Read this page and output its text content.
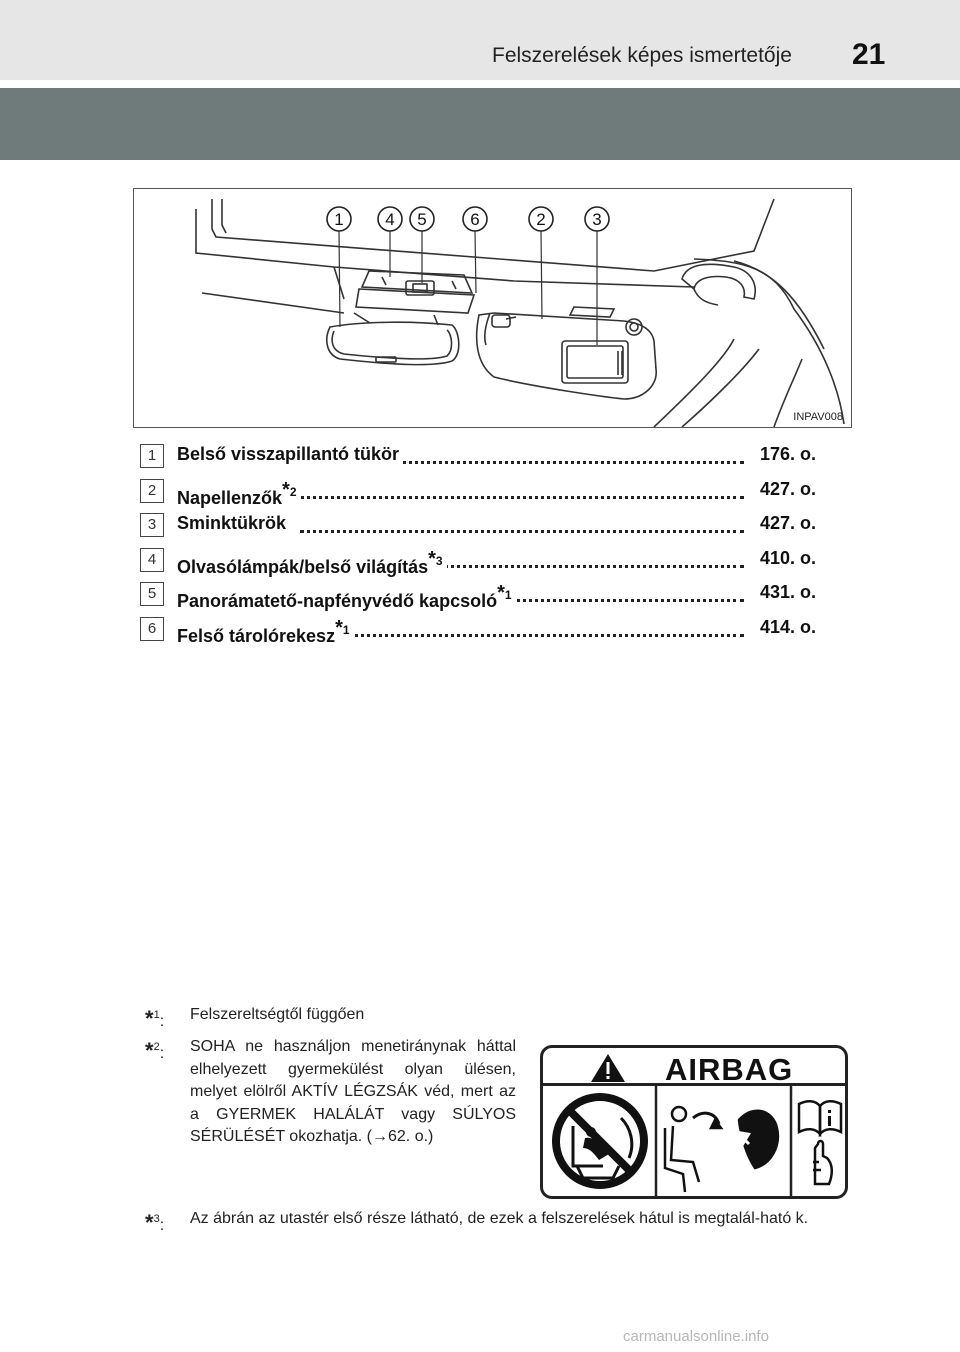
Felszerelések képes ismertetője 21
1 4 5	6	2	3
INPAV008
1	Belső visszapillantó tükör	176. o.
2	Napellenzők$^{*2}$	427. o.
3	Sminktükrök	427. o.
4	Olvasólámpák/belső világítás$^{*3}$	410. o.
5	Panorámatető-napfényvédő kapcsoló$^{*1}$	431. o.
6	Felső tárolórekesz$^{*1}$	414. o.
*$^1$: Felszereltségtől függően
*$^2$: SOHA ne használjon menetiránynak háttal elhelyezett gyermekülést olyan ülésen, melyet elölről AKTÍV LÉGZSÁK véd, mert az a GYERMEK HALÁLÁT vagy SÚLYOS SÉRÜLÉSÉT okozhatja. (→62. o.)
AIRBAG
*$^3$: Az ábrán az utastér első része látható, de ezek a felszerelések hátul is megtalál-ható k.
carmanualsonline.info
